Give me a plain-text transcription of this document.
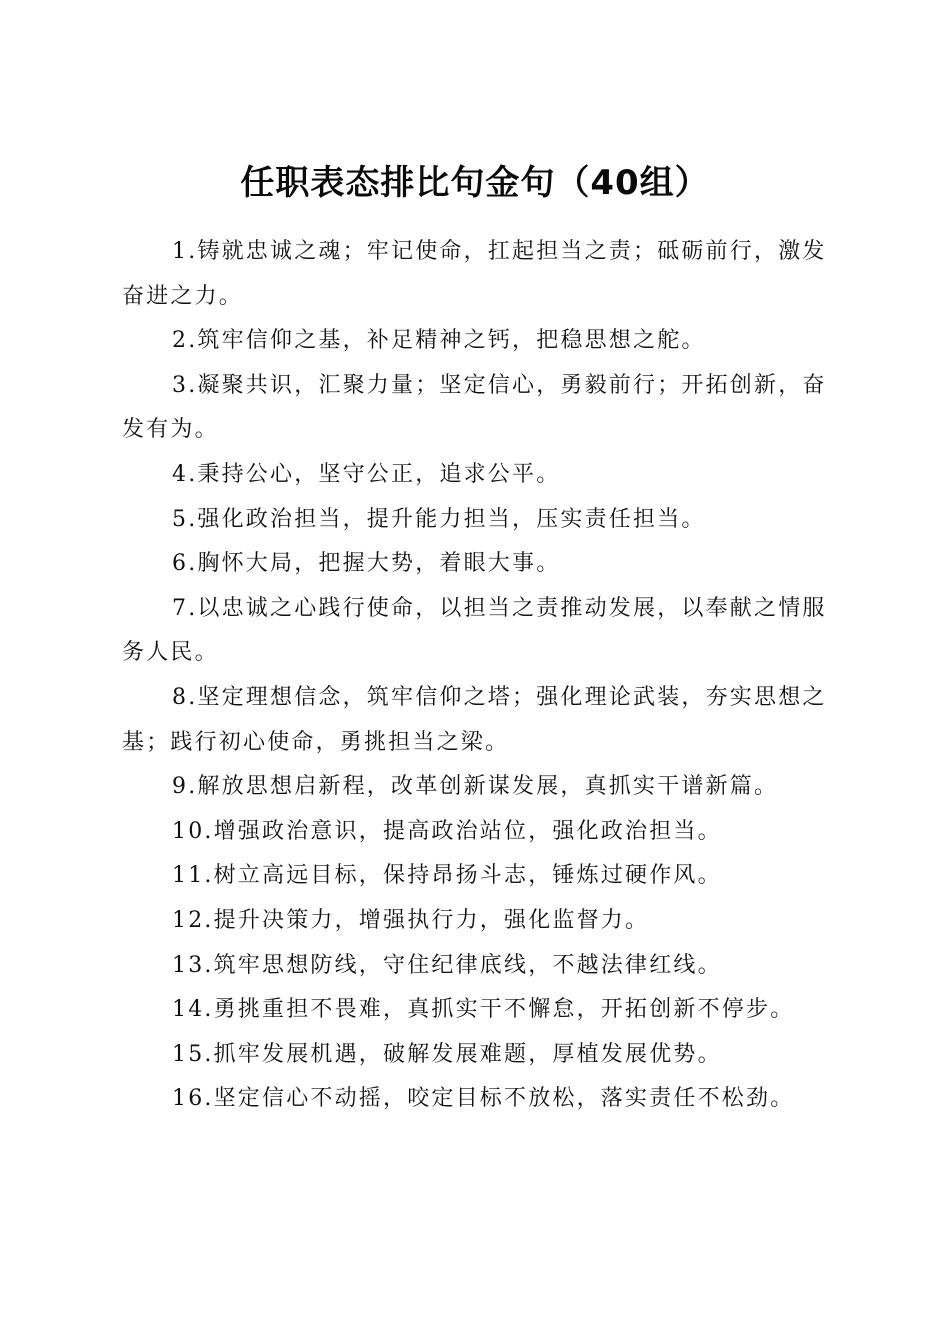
任职表态排比句金句（40组）

1.铸就忠诚之魂；牢记使命，扛起担当之责；砥砺前行，激发奋进之力。

2.筑牢信仰之基，补足精神之钙，把稳思想之舵。

3.凝聚共识，汇聚力量；坚定信心，勇毅前行；开拓创新，奋发有为。

4.秉持公心，坚守公正，追求公平。

5.强化政治担当，提升能力担当，压实责任担当。

6.胸怀大局，把握大势，着眼大事。

7.以忠诚之心践行使命，以担当之责推动发展，以奉献之情服务人民。

8.坚定理想信念，筑牢信仰之塔；强化理论武装，夯实思想之基；践行初心使命，勇挑担当之梁。

9.解放思想启新程，改革创新谋发展，真抓实干谱新篇。

10.增强政治意识，提高政治站位，强化政治担当。

11.树立高远目标，保持昂扬斗志，锤炼过硬作风。

12.提升决策力，增强执行力，强化监督力。

13.筑牢思想防线，守住纪律底线，不越法律红线。

14.勇挑重担不畏难，真抓实干不懈怠，开拓创新不停步。

15.抓牢发展机遇，破解发展难题，厚植发展优势。

16.坚定信心不动摇，咬定目标不放松，落实责任不松劲。
